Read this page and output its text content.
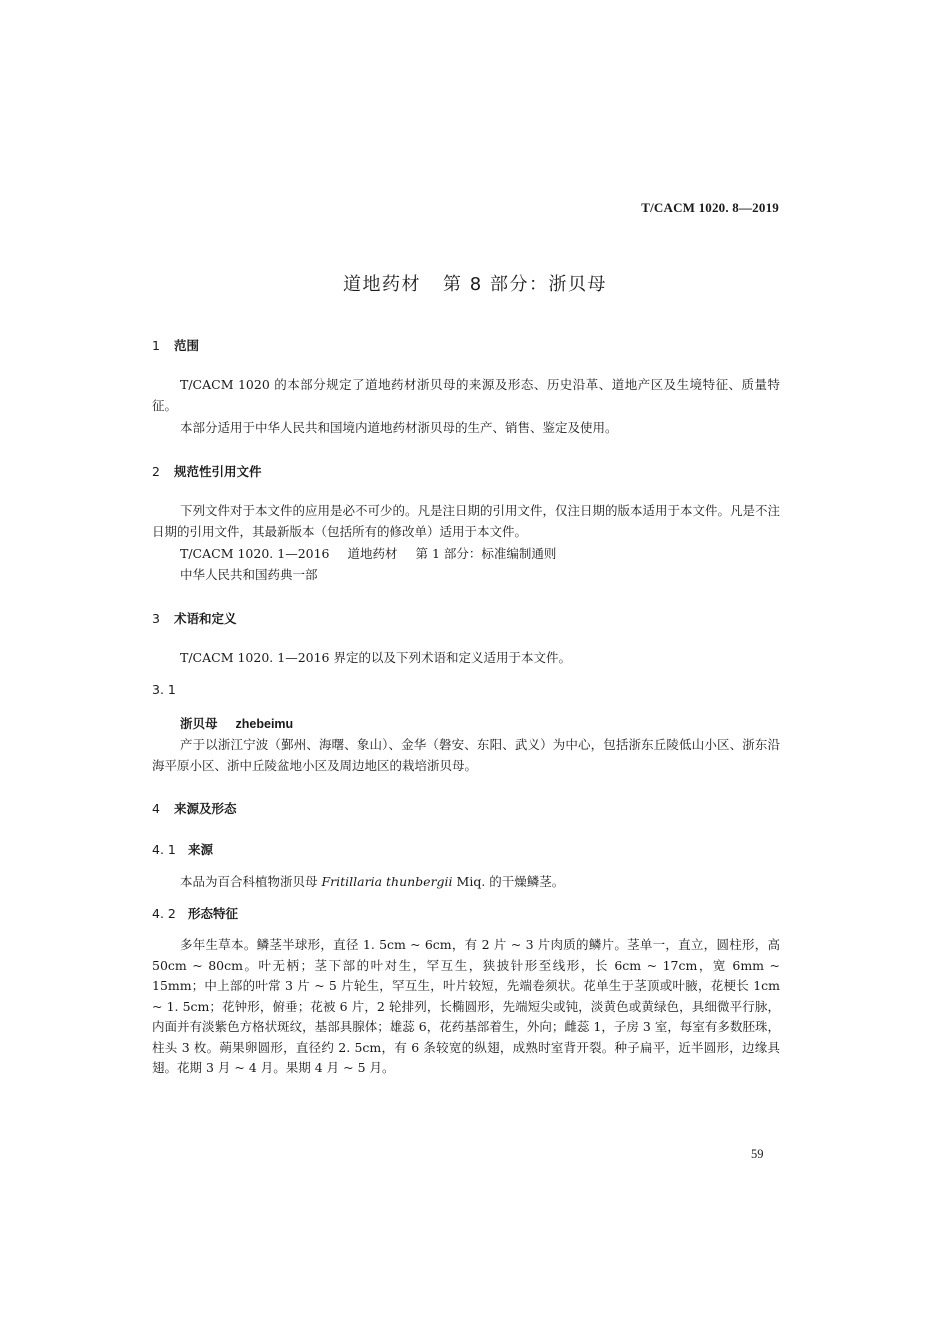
T/CACM 1020. 8—2019
道地药材 第 8 部分：浙贝母
1 范围

T/CACM 1020 的本部分规定了道地药材浙贝母的来源及形态、历史沿革、道地产区及生境特征、质量特征。

本部分适用于中华人民共和国境内道地药材浙贝母的生产、销售、鉴定及使用。

2 规范性引用文件

下列文件对于本文件的应用是必不可少的。凡是注日期的引用文件，仅注日期的版本适用于本文件。凡是不注日期的引用文件，其最新版本（包括所有的修改单）适用于本文件。

T/CACM 1020. 1—2016 道地药材 第 1 部分：标准编制通则
中华人民共和国药典一部
3 术语和定义

T/CACM 1020. 1—2016 界定的以及下列术语和定义适用于本文件。

3. 1
浙贝母 zhebeimu

产于以浙江宁波（鄞州、海曙、象山）、金华（磐安、东阳、武义）为中心，包括浙东丘陵低山小区、浙东沿海平原小区、浙中丘陵盆地小区及周边地区的栽培浙贝母。

4 来源及形态
4. 1 来源

本品为百合科植物浙贝母 Fritillaria thunbergii Miq. 的干燥鳞茎。

4. 2 形态特征

多年生草本。鳞茎半球形，直径 1. 5cm ~ 6cm，有 2 片 ~ 3 片肉质的鳞片。茎单一，直立，圆柱形，高 50cm ~ 80cm。叶无柄；茎下部的叶对生，罕互生，狭披针形至线形，长 6cm ~ 17cm，宽 6mm ~ 15mm；中上部的叶常 3 片 ~ 5 片轮生，罕互生，叶片较短，先端卷须状。花单生于茎顶或叶腋，花梗长 1cm ~ 1. 5cm；花钟形，俯垂；花被 6 片，2 轮排列，长椭圆形，先端短尖或钝，淡黄色或黄绿色，具细微平行脉，内面并有淡紫色方格状斑纹，基部具腺体；雄蕊 6，花药基部着生，外向；雌蕊 1，子房 3 室，每室有多数胚珠，柱头 3 枚。蒴果卵圆形，直径约 2. 5cm，有 6 条较宽的纵翅，成熟时室背开裂。种子扁平，近半圆形，边缘具翅。花期 3 月 ~ 4 月。果期 4 月 ~ 5 月。

59
